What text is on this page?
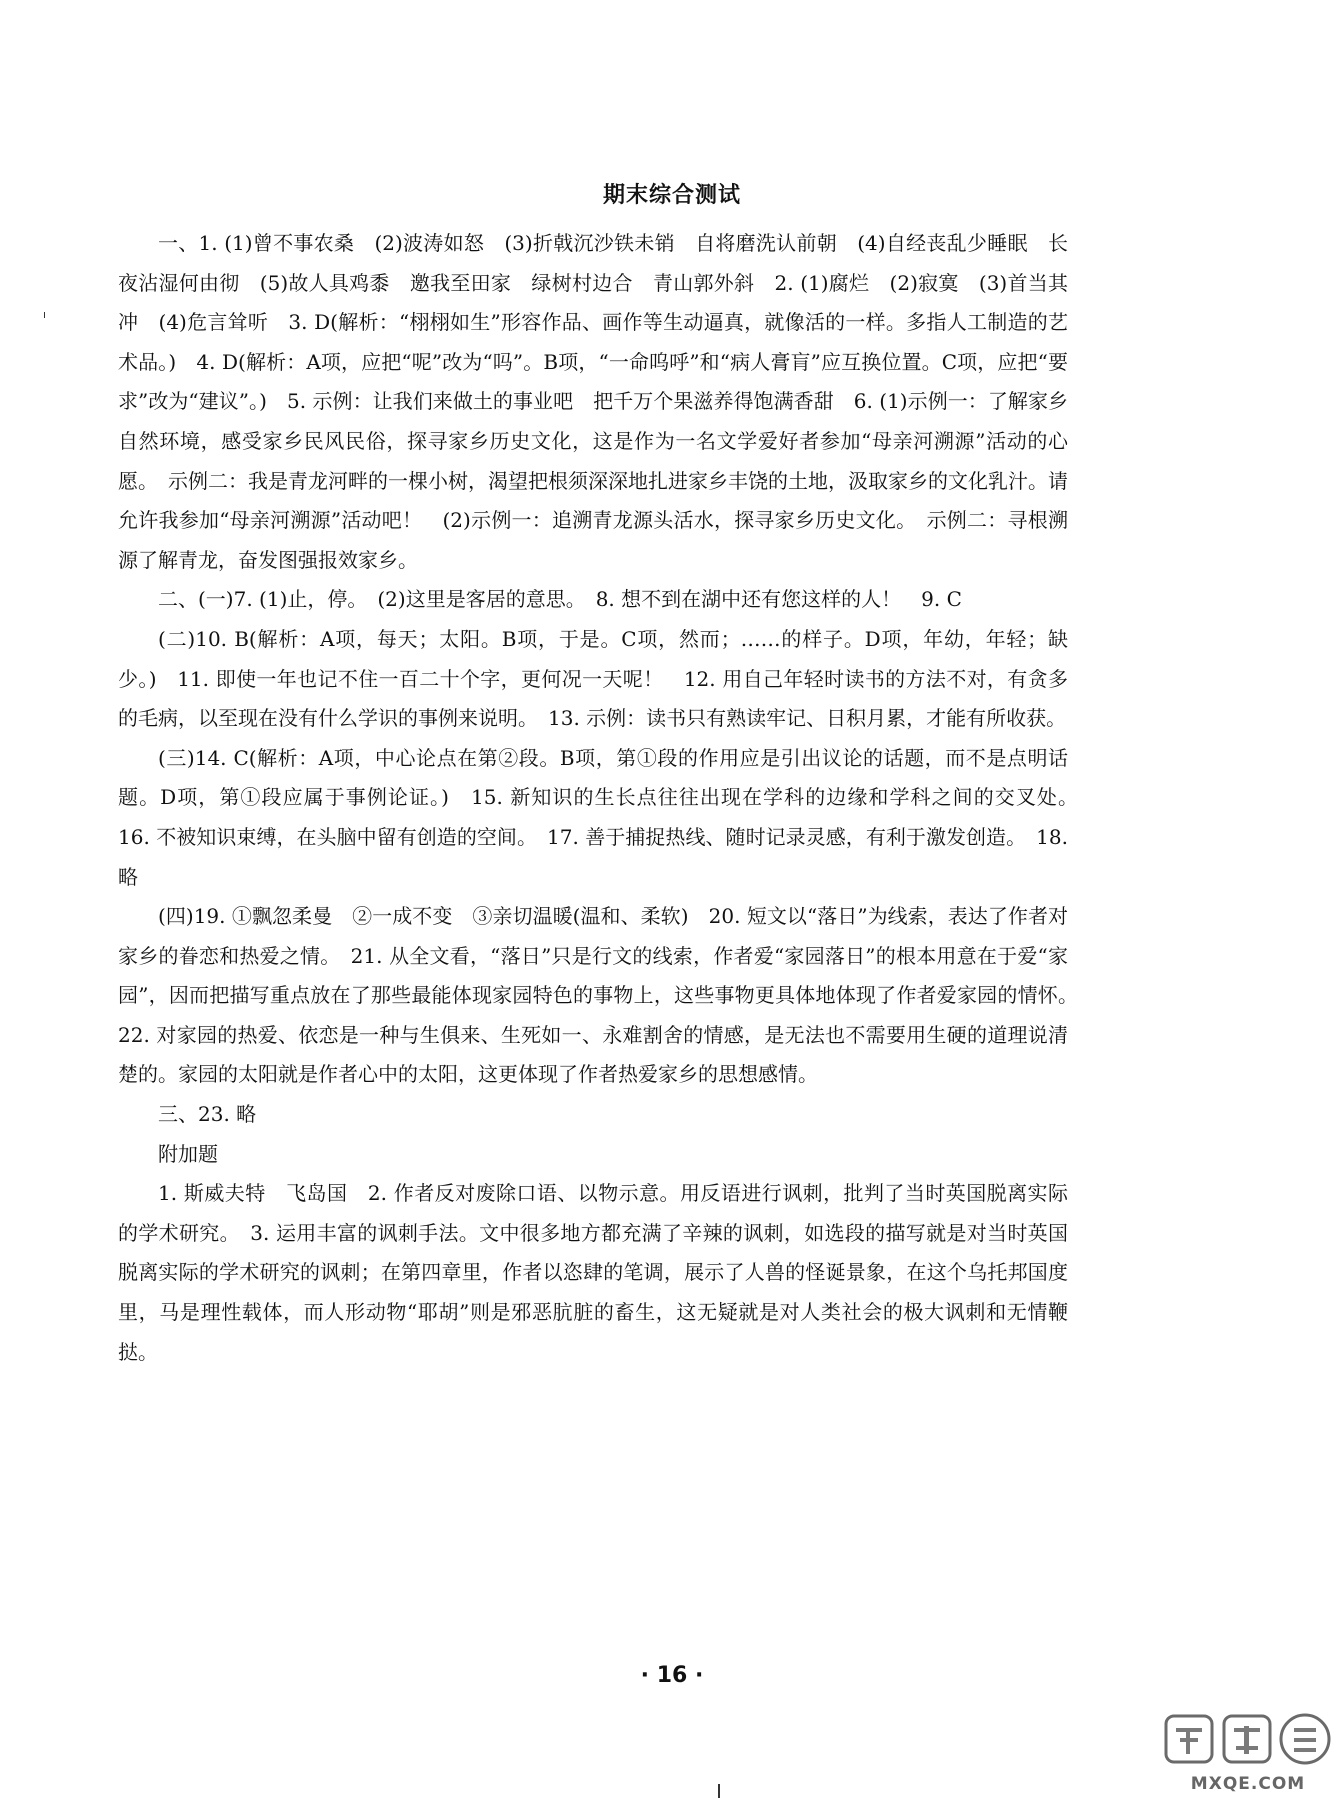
期末综合测试

一、1. (1)曾不事农桑　(2)波涛如怒　(3)折戟沉沙铁未销　自将磨洗认前朝　(4)自经丧乱少睡眠　长夜沾湿何由彻　(5)故人具鸡黍　邀我至田家　绿树村边合　青山郭外斜　2. (1)腐烂　(2)寂寞　(3)首当其冲　(4)危言耸听　3. D(解析：“栩栩如生”形容作品、画作等生动逼真，就像活的一样。多指人工制造的艺术品。)　4. D(解析：A项，应把“呢”改为“吗”。B项，“一命呜呼”和“病人膏肓”应互换位置。C项，应把“要求”改为“建议”。)　5. 示例：让我们来做土的事业吧　把千万个果滋养得饱满香甜　6. (1)示例一：了解家乡自然环境，感受家乡民风民俗，探寻家乡历史文化，这是作为一名文学爱好者参加“母亲河溯源”活动的心愿。　示例二：我是青龙河畔的一棵小树，渴望把根须深深地扎进家乡丰饶的土地，汲取家乡的文化乳汁。请允许我参加“母亲河溯源”活动吧！　(2)示例一：追溯青龙源头活水，探寻家乡历史文化。　示例二：寻根溯源了解青龙，奋发图强报效家乡。

二、(一)7. (1)止，停。　(2)这里是客居的意思。　8. 想不到在湖中还有您这样的人！　9. C

(二)10. B(解析：A项，每天；太阳。B项，于是。C项，然而；……的样子。D项，年幼，年轻；缺少。)　11. 即使一年也记不住一百二十个字，更何况一天呢！　12. 用自己年轻时读书的方法不对，有贪多的毛病，以至现在没有什么学识的事例来说明。　13. 示例：读书只有熟读牢记、日积月累，才能有所收获。

(三)14. C(解析：A项，中心论点在第②段。B项，第①段的作用应是引出议论的话题，而不是点明话题。D项，第①段应属于事例论证。)　15. 新知识的生长点往往出现在学科的边缘和学科之间的交叉处。　16. 不被知识束缚，在头脑中留有创造的空间。　17. 善于捕捉热线、随时记录灵感，有利于激发创造。　18. 略

(四)19. ①飘忽柔曼　②一成不变　③亲切温暖(温和、柔软)　20. 短文以“落日”为线索，表达了作者对家乡的眷恋和热爱之情。　21. 从全文看，“落日”只是行文的线索，作者爱“家园落日”的根本用意在于爱“家园”，因而把描写重点放在了那些最能体现家园特色的事物上，这些事物更具体地体现了作者爱家园的情怀。　22. 对家园的热爱、依恋是一种与生俱来、生死如一、永难割舍的情感，是无法也不需要用生硬的道理说清楚的。家园的太阳就是作者心中的太阳，这更体现了作者热爱家乡的思想感情。

三、23. 略

附加题

1. 斯威夫特　飞岛国　2. 作者反对废除口语、以物示意。用反语进行讽刺，批判了当时英国脱离实际的学术研究。　3. 运用丰富的讽刺手法。文中很多地方都充满了辛辣的讽刺，如选段的描写就是对当时英国脱离实际的学术研究的讽刺；在第四章里，作者以恣肆的笔调，展示了人兽的怪诞景象，在这个乌托邦国度里，马是理性载体，而人形动物“耶胡”则是邪恶肮脏的畜生，这无疑就是对人类社会的极大讽刺和无情鞭挞。

· 16 ·
MXQE.COM
